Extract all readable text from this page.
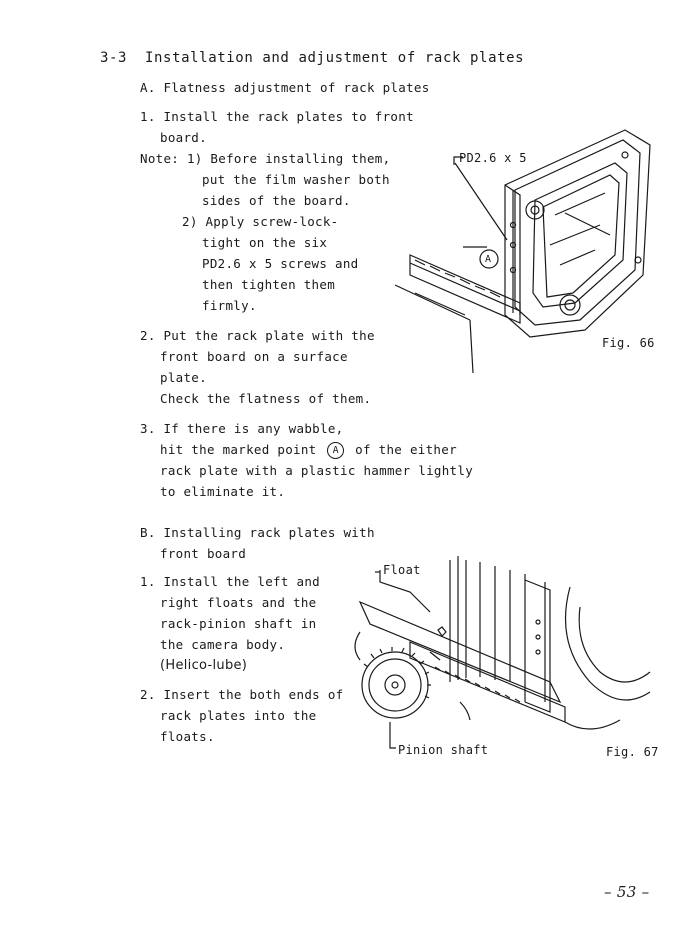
3-3 Installation and adjustment of rack plates
A. Flatness adjustment of rack plates
1. Install the rack plates to front
board.
Note: 1) Before installing them,
put the film washer both
sides of the board.
2) Apply screw-lock-
tight on the six
PD2.6 x 5 screws and
then tighten them
firmly.
2. Put the rack plate with the
front board on a surface
plate.
Check the flatness of them.
3. If there is any wabble,
hit the marked point A of the either
rack plate with a plastic hammer lightly
to eliminate it.
B. Installing rack plates with
front board
1. Install the left and
right floats and the
rack-pinion shaft in
the camera body.
(Helico-lube)
2. Insert the both ends of
rack plates into the
floats.
PD2.6 x 5
A
Fig. 66
Float
Pinion shaft	Fig. 67
– 53 –
